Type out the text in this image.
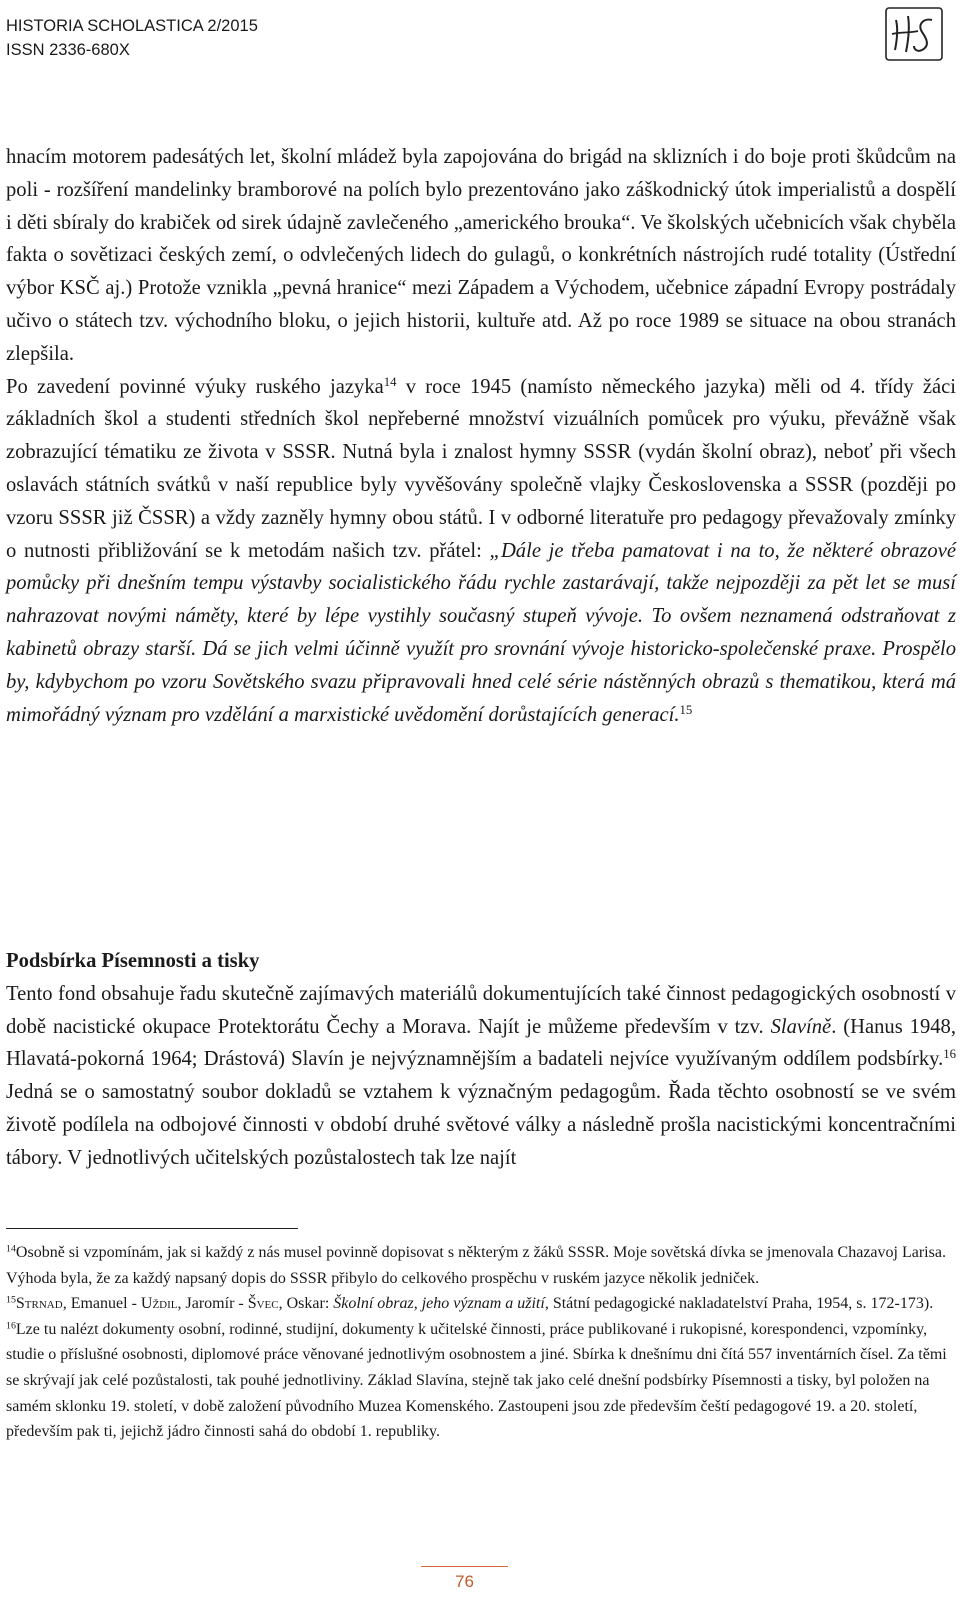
HISTORIA SCHOLASTICA 2/2015
ISSN 2336-680X

hnacím motorem padesátých let, školní mládež byla zapojována do brigád na sklizních i do boje proti škůdcům na poli - rozšíření mandelinky bramborové na polích bylo prezentováno jako záškodnický útok imperialistů a dospělí i děti sbíraly do krabiček od sirek údajně zavlečeného „amerického brouka“. Ve školských učebnicích však chyběla fakta o sovětizaci českých zemí, o odvlečených lidech do gulagů, o konkrétních nástrojích rudé totality (Ústřední výbor KSČ aj.) Protože vznikla „pevná hranice“ mezi Západem a Východem, učebnice západní Evropy postrádaly učivo o státech tzv. východního bloku, o jejich historii, kultuře atd. Až po roce 1989 se situace na obou stranách zlepšila.

Po zavedení povinné výuky ruského jazyka$^{14}$ v roce 1945 (namísto německého jazyka) měli od 4. třídy žáci základních škol a studenti středních škol nepřeberné množství vizuálních pomůcek pro výuku, převážně však zobrazující tématiku ze života v SSSR. Nutná byla i znalost hymny SSSR (vydán školní obraz), neboť při všech oslavách státních svátků v naší republice byly vyvěšovány společně vlajky Československa a SSSR (později po vzoru SSSR již ČSSR) a vždy zazněly hymny obou států. I v odborné literatuře pro pedagogy převažovaly zmínky o nutnosti přibližování se k metodám našich tzv. přátel: „Dále je třeba pamatovat i na to, že některé obrazové pomůcky při dnešním tempu výstavby socialistického řádu rychle zastarávají, takže nejpozději za pět let se musí nahrazovat novými náměty, které by lépe vystihly současný stupeň vývoje. To ovšem neznamená odstraňovat z kabinetů obrazy starší. Dá se jich velmi účinně využít pro srovnání vývoje historicko-společenské praxe. Prospělo by, kdybychom po vzoru Sovětského svazu připravovali hned celé série nástěnných obrazů s thematikou, která má mimořádný význam pro vzdělání a marxistické uvědomění dorůstajících generací.$^{15}$

Podsbírka Písemnosti a tisky

Tento fond obsahuje řadu skutečně zajímavých materiálů dokumentujících také činnost pedagogických osobností v době nacistické okupace Protektorátu Čechy a Morava. Najít je můžeme především v tzv. Slavíně. (Hanus 1948, Hlavatá-pokorná 1964; Drástová) Slavín je nejvýznamnějším a badateli nejvíce využívaným oddílem podsbírky.$^{16}$ Jedná se o samostatný soubor dokladů se vztahem k význačným pedagogům. Řada těchto osobností se ve svém životě podílela na odbojové činnosti v období druhé světové války a následně prošla nacistickými koncentračními tábory. V jednotlivých učitelských pozůstalostech tak lze najít

$^{14}$Osobně si vzpomínám, jak si každý z nás musel povinně dopisovat s některým z žáků SSSR. Moje sovětská dívka se jmenovala Chazavoj Larisa. Výhoda byla, že za každý napsaný dopis do SSSR přibylo do celkového prospěchu v ruském jazyce několik jedniček.

$^{15}$Strnad, Emanuel - Uždil, Jaromír - Švec, Oskar: Školní obraz, jeho význam a užití, Státní pedagogické nakladatelství Praha, 1954, s. 172-173).

$^{16}$Lze tu nalézt dokumenty osobní, rodinné, studijní, dokumenty k učitelské činnosti, práce publikované i rukopisné, korespondenci, vzpomínky, studie o příslušné osobnosti, diplomové práce věnované jednotlivým osobnostem a jiné. Sbírka k dnešnímu dni čítá 557 inventárních čísel. Za těmi se skrývají jak celé pozůstalosti, tak pouhé jednotliviny. Základ Slavína, stejně tak jako celé dnešní podsbírky Písemnosti a tisky, byl položen na samém sklonku 19. století, v době založení původního Muzea Komenského. Zastoupeni jsou zde především čeští pedagogové 19. a 20. století, především pak ti, jejichž jádro činnosti sahá do období 1. republiky.

76
